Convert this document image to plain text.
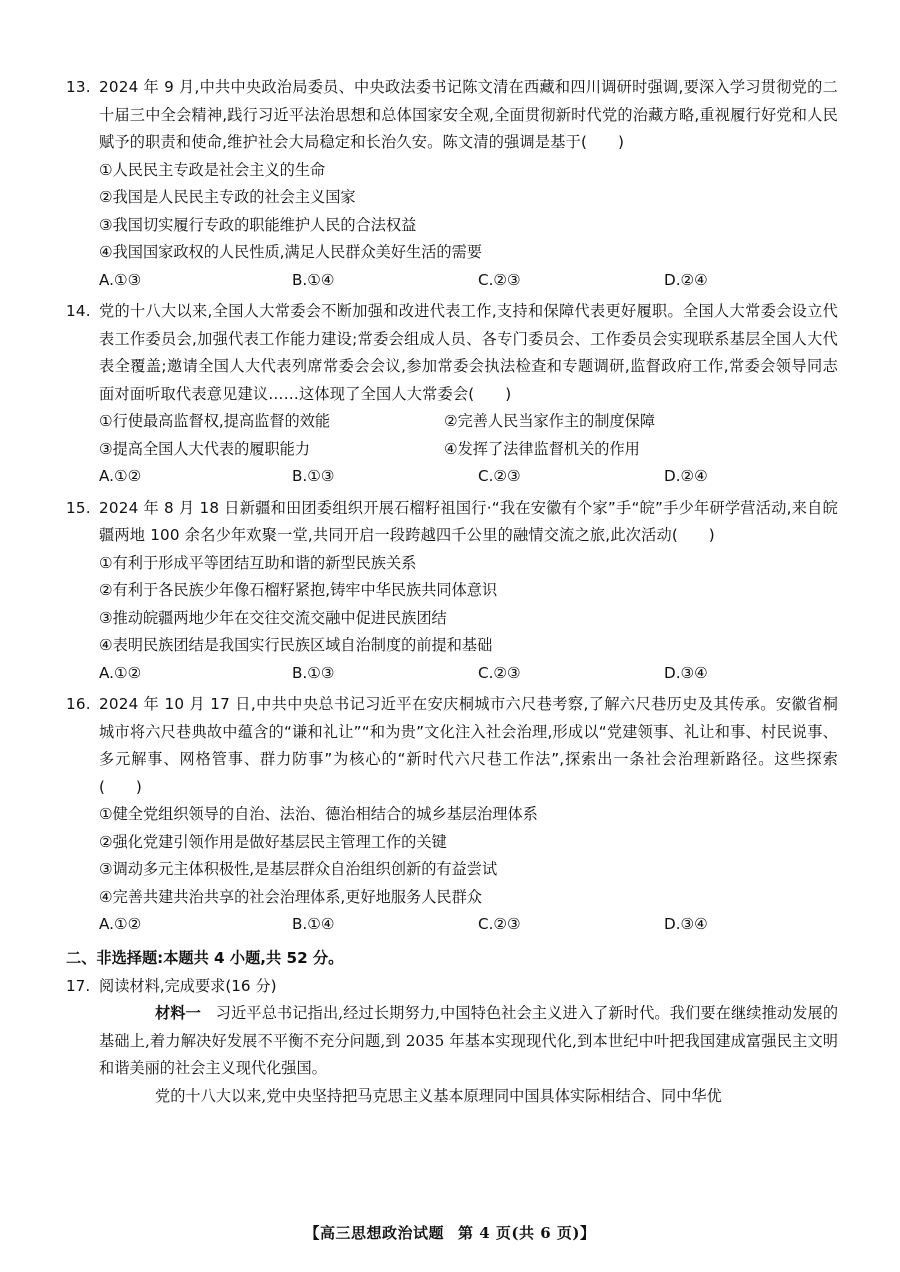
13. 2024 年 9 月,中共中央政治局委员、中央政法委书记陈文清在西藏和四川调研时强调,要深入学习贯彻党的二十届三中全会精神,践行习近平法治思想和总体国家安全观,全面贯彻新时代党的治藏方略,重视履行好党和人民赋予的职责和使命,维护社会大局稳定和长治久安。陈文清的强调是基于(　　)
①人民民主专政是社会主义的生命
②我国是人民民主专政的社会主义国家
③我国切实履行专政的职能维护人民的合法权益
④我国国家政权的人民性质,满足人民群众美好生活的需要
A.①③	B.①④	C.②③	D.②④
14. 党的十八大以来,全国人大常委会不断加强和改进代表工作,支持和保障代表更好履职。全国人大常委会设立代表工作委员会,加强代表工作能力建设;常委会组成人员、各专门委员会、工作委员会实现联系基层全国人大代表全覆盖;邀请全国人大代表列席常委会会议,参加常委会执法检查和专题调研,监督政府工作,常委会领导同志面对面听取代表意见建议……这体现了全国人大常委会(　　)
①行使最高监督权,提高监督的效能	②完善人民当家作主的制度保障
③提高全国人大代表的履职能力	④发挥了法律监督机关的作用
A.①②	B.①③	C.②③	D.②④
15. 2024 年 8 月 18 日新疆和田团委组织开展石榴籽祖国行·“我在安徽有个家”手“皖”手少年研学营活动,来自皖疆两地 100 余名少年欢聚一堂,共同开启一段跨越四千公里的融情交流之旅,此次活动(　　)
①有利于形成平等团结互助和谐的新型民族关系
②有利于各民族少年像石榴籽紧抱,铸牢中华民族共同体意识
③推动皖疆两地少年在交往交流交融中促进民族团结
④表明民族团结是我国实行民族区域自治制度的前提和基础
A.①②	B.①③	C.②③	D.③④
16. 2024 年 10 月 17 日,中共中央总书记习近平在安庆桐城市六尺巷考察,了解六尺巷历史及其传承。安徽省桐城市将六尺巷典故中蕴含的“谦和礼让”“和为贵”文化注入社会治理,形成以“党建领事、礼让和事、村民说事、多元解事、网格管事、群力防事”为核心的“新时代六尺巷工作法”,探索出一条社会治理新路径。这些探索(　　)
①健全党组织领导的自治、法治、德治相结合的城乡基层治理体系
②强化党建引领作用是做好基层民主管理工作的关键
③调动多元主体积极性,是基层群众自治组织创新的有益尝试
④完善共建共治共享的社会治理体系,更好地服务人民群众
A.①②	B.①④	C.②③	D.③④
二、非选择题:本题共 4 小题,共 52 分。
17. 阅读材料,完成要求(16 分)
材料一 习近平总书记指出,经过长期努力,中国特色社会主义进入了新时代。我们要在继续推动发展的基础上,着力解决好发展不平衡不充分问题,到 2035 年基本实现现代化,到本世纪中叶把我国建成富强民主文明和谐美丽的社会主义现代化强国。
党的十八大以来,党中央坚持把马克思主义基本原理同中国具体实际相结合、同中华优
【高三思想政治试题 第 4 页(共 6 页)】
